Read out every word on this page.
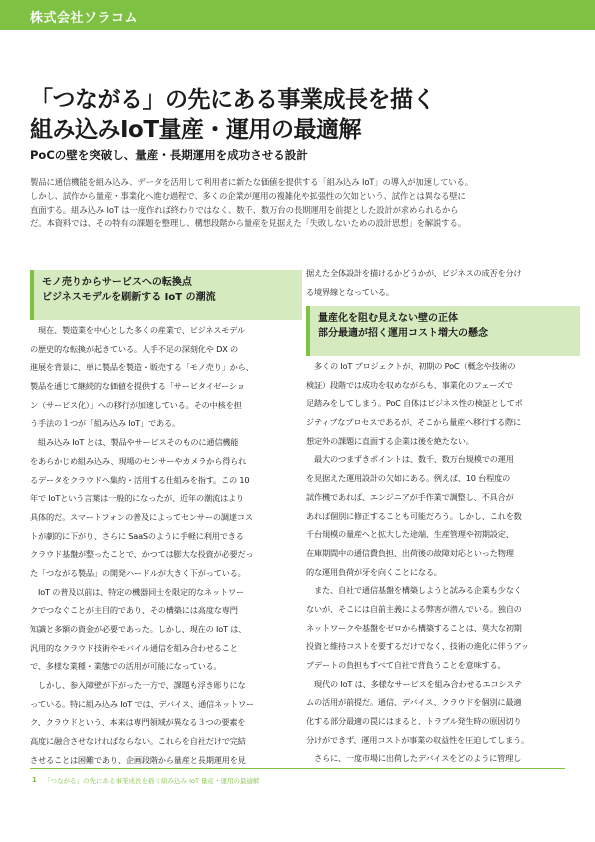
株式会社ソラコム
「つながる」の先にある事業成長を描く
組み込みIoT量産・運用の最適解
PoCの壁を突破し、量産・長期運用を成功させる設計
製品に通信機能を組み込み、データを活用して利用者に新たな価値を提供する「組み込み IoT」の導入が加速している。
しかし、試作から量産・事業化へ進む過程で、多くの企業が運用の複雑化や拡張性の欠如という、試作とは異なる壁に
直面する。組み込み IoT は一度作れば終わりではなく、数千、数万台の長期運用を前提とした設計が求められるから
だ。本資料では、その特有の課題を整理し、構想段階から量産を見据えた「失敗しないための設計思想」を解説する。
モノ売りからサービスへの転換点
ビジネスモデルを刷新する IoT の潮流
　現在、製造業を中心とした多くの産業で、ビジネスモデル
の歴史的な転換が起きている。人手不足の深刻化や DX の
進展を背景に、単に製品を製造・販売する「モノ売り」から、
製品を通じて継続的な価値を提供する「サービタイゼーショ
ン（サービス化）」への移行が加速している。その中核を担
う手法の１つが「組み込み IoT」である。
　組み込み IoT とは、製品やサービスそのものに通信機能
をあらかじめ組み込み、現場のセンサーやカメラから得られ
るデータをクラウドへ集約・活用する仕組みを指す。この 10
年で IoTという言葉は一般的になったが、近年の潮流はより
具体的だ。スマートフォンの普及によってセンサーの調達コス
トが劇的に下がり、さらに SaaSのように手軽に利用できる
クラウド基盤が整ったことで、かつては膨大な投資が必要だっ
た「つながる製品」の開発ハードルが大きく下がっている。
　IoT の普及以前は、特定の機器同士を限定的なネットワー
クでつなぐことが主目的であり、その構築には高度な専門
知識と多額の資金が必要であった。しかし、現在の IoT は、
汎用的なクラウド技術やモバイル通信を組み合わせること
で、多様な業種・業態での活用が可能になっている。
　しかし、参入障壁が下がった一方で、課題も浮き彫りにな
っている。特に組み込み IoT では、デバイス、通信ネットワー
ク、クラウドという、本来は専門領域が異なる３つの要素を
高度に融合させなければならない。これらを自社だけで完結
させることは困難であり、企画段階から量産と長期運用を見
据えた全体設計を描けるかどうかが、ビジネスの成否を分け
る境界線となっている。
量産化を阻む見えない壁の正体
部分最適が招く運用コスト増大の懸念
　多くの IoT プロジェクトが、初期の PoC（概念や技術の
検証）段階では成功を収めながらも、事業化のフェーズで
足踏みをしてしまう。PoC 自体はビジネス性の検証としてポ
ジティブなプロセスであるが、そこから量産へ移行する際に
想定外の課題に直面する企業は後を絶たない。
　最大のつまずきポイントは、数千、数万台規模での運用
を見据えた運用設計の欠如にある。例えば、10 台程度の
試作機であれば、エンジニアが手作業で調整し、不具合が
あれば個別に修正することも可能だろう。しかし、これを数
千台規模の量産へと拡大した途端、生産管理や初期設定、
在庫期間中の通信費負担、出荷後の故障対応といった物理
的な運用負荷が牙を向くことになる。
　また、自社で通信基盤を構築しようと試みる企業も少なく
ないが、そこには自前主義による弊害が潜んでいる。独自の
ネットワークや基盤をゼロから構築することは、莫大な初期
投資と維持コストを要するだけでなく、技術の進化に伴うアッ
プデートの負担もすべて自社で背負うことを意味する。
　現代の IoT は、多様なサービスを組み合わせるエコシステ
ムの活用が前提だ。通信、デバイス、クラウドを個別に最適
化する部分最適の罠にはまると、トラブル発生時の原因切り
分けができず、運用コストが事業の収益性を圧迫してしまう。
　さらに、一度市場に出荷したデバイスをどのように管理し
1 「つながる」の先にある事業成長を描く組み込み IoT 量産・運用の最適解
